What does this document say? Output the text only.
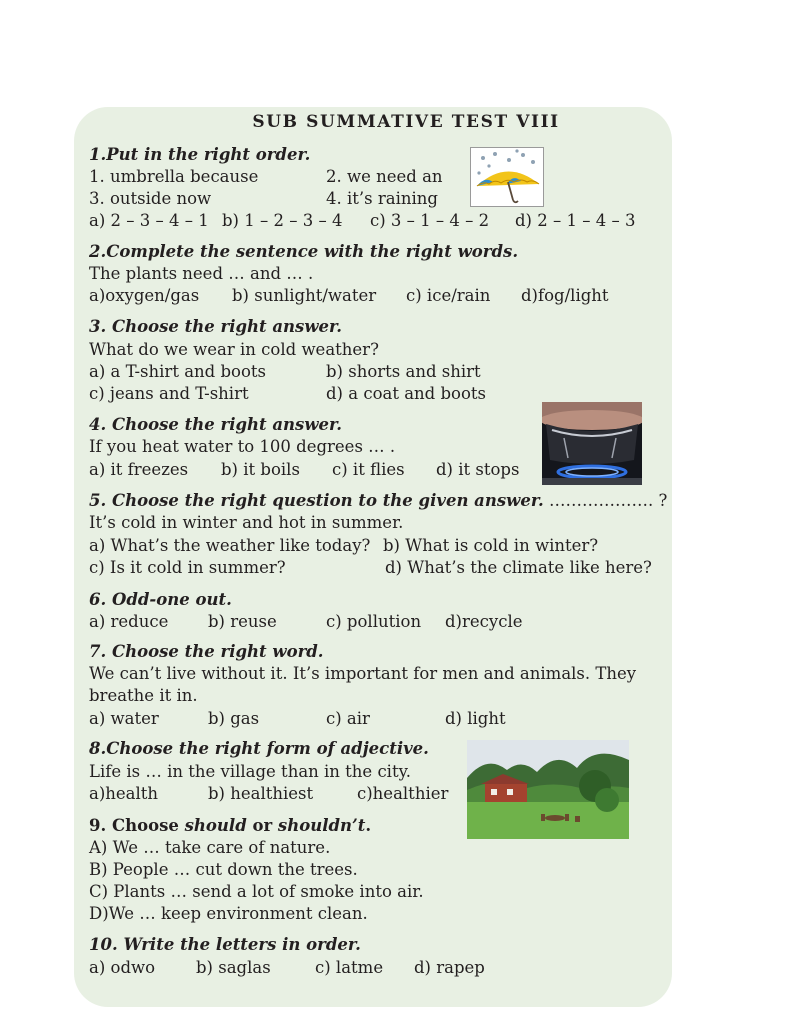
SUB SUMMATIVE TEST VIII
1.Put in the right order.
1. umbrella because	2. we need an
3. outside now	4. it’s raining
a) 2 – 3 – 4 – 1 b) 1 – 2 – 3 – 4 c) 3 – 1 – 4 – 2 d) 2 – 1 – 4 – 3
2.Complete the sentence with the right words.
The plants need … and … .
a)oxygen/gas b) sunlight/water c) ice/rain d)fog/light
3. Choose the right answer.
What do we wear in cold weather?
a) a T-shirt and boots	b) shorts and shirt
c) jeans and T-shirt	d) a coat and boots
4. Choose the right answer.
If you heat water to 100 degrees … .
a) it freezes b) it boils c) it flies d) it stops
5. Choose the right question to the given answer. ………………. ?
It’s cold in winter and hot in summer.
a) What’s the weather like today? b) What is cold in winter?
c) Is it cold in summer?	d) What’s the climate like here?
6. Odd-one out.
a) reduce b) reuse	c) pollution d)recycle
7. Choose the right word.
We can’t live without it. It’s important for men and animals. They
breathe it in.
a) water	b) gas	c) air	d) light
8.Choose the right form of adjective.
Life is … in the village than in the city.
a)health	b) healthiest	c)healthier
9. Choose should or shouldn’t.
A) We … take care of nature.
B) People … cut down the trees.
C) Plants … send a lot of smoke into air.
D)We … keep environment clean.
10. Write the letters in order.
a) odwo b) saglas	c) latme d) rapep
